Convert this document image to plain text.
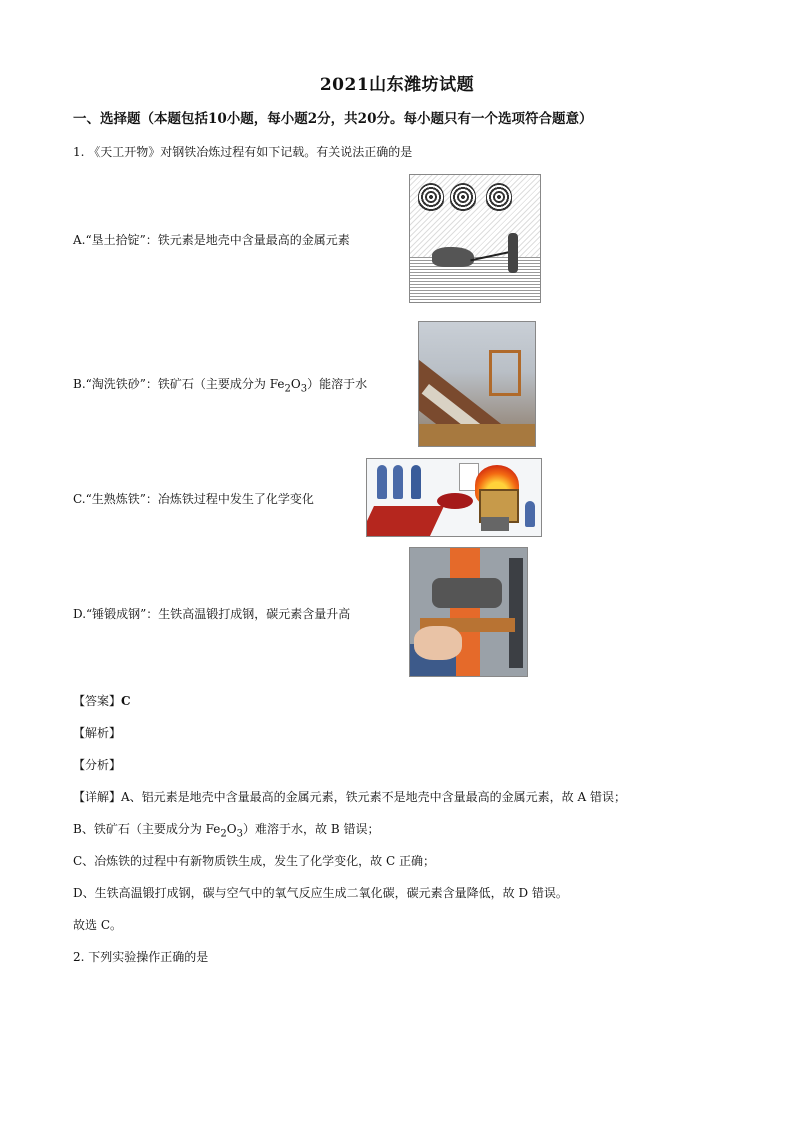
2021山东潍坊试题
一、选择题（本题包括10小题，每小题2分，共20分。每小题只有一个选项符合题意）
1. 《天工开物》对钢铁冶炼过程有如下记载。有关说法正确的是
A.“垦土拾锭”：铁元素是地壳中含量最高的金属元素
B.“淘洗铁砂”：铁矿石（主要成分为 $Fe_2O_3$）能溶于水
C.“生熟炼铁”：冶炼铁过程中发生了化学变化
D.“锤锻成钢”：生铁高温锻打成钢，碳元素含量升高
【答案】C
【解析】
【分析】
【详解】A、铝元素是地壳中含量最高的金属元素，铁元素不是地壳中含量最高的金属元素，故 A 错误；
B、铁矿石（主要成分为 $Fe_2O_3$）难溶于水，故 B 错误；
C、冶炼铁的过程中有新物质铁生成，发生了化学变化，故 C 正确；
D、生铁高温锻打成钢，碳与空气中的氧气反应生成二氧化碳，碳元素含量降低，故 D 错误。
故选 C。
2. 下列实验操作正确的是
